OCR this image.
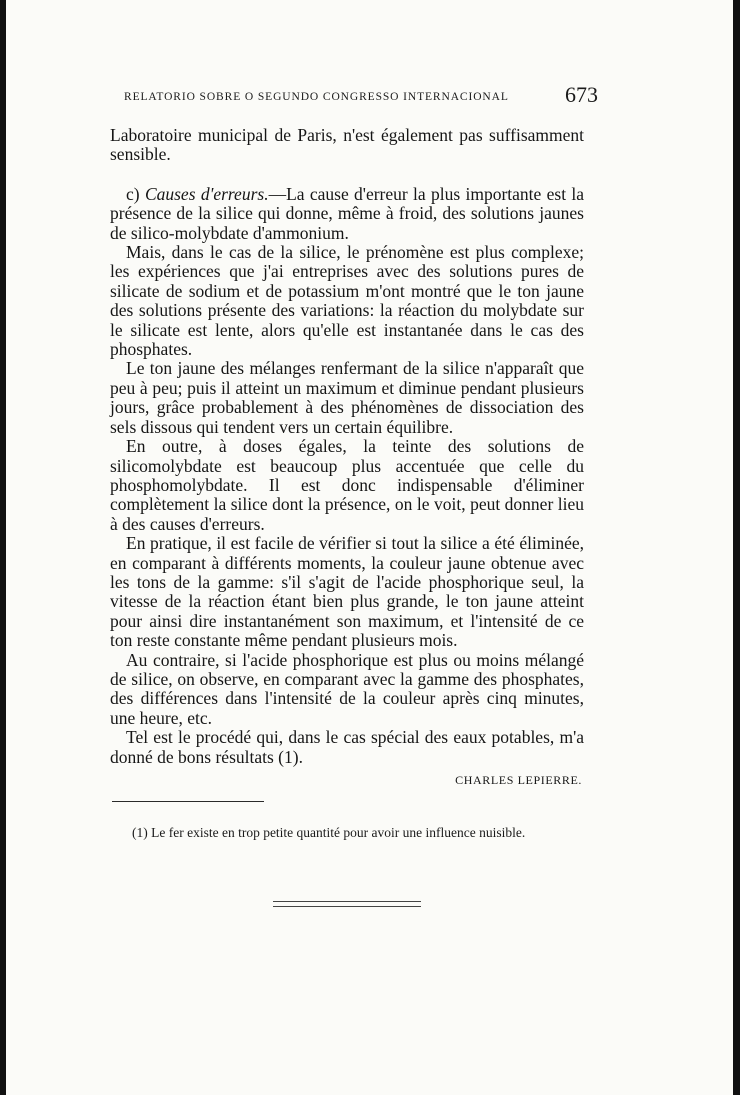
RELATORIO SOBRE O SEGUNDO CONGRESSO INTERNACIONAL	673

Laboratoire municipal de Paris, n'est également pas suffisamment sensible.

c) Causes d'erreurs.—La cause d'erreur la plus importante est la présence de la silice qui donne, même à froid, des solutions jaunes de silico-molybdate d'ammonium.

Mais, dans le cas de la silice, le prénomène est plus complexe; les expériences que j'ai entreprises avec des solutions pures de silicate de sodium et de potassium m'ont montré que le ton jaune des solutions présente des variations: la réaction du molybdate sur le silicate est lente, alors qu'elle est instantanée dans le cas des phosphates.

Le ton jaune des mélanges renfermant de la silice n'apparaît que peu à peu; puis il atteint un maximum et diminue pendant plusieurs jours, grâce probablement à des phénomènes de dissociation des sels dissous qui tendent vers un certain équilibre.

En outre, à doses égales, la teinte des solutions de silicomolybdate est beaucoup plus accentuée que celle du phosphomolybdate. Il est donc indispensable d'éliminer complètement la silice dont la présence, on le voit, peut donner lieu à des causes d'erreurs.

En pratique, il est facile de vérifier si tout la silice a été éliminée, en comparant à différents moments, la couleur jaune obtenue avec les tons de la gamme: s'il s'agit de l'acide phosphorique seul, la vitesse de la réaction étant bien plus grande, le ton jaune atteint pour ainsi dire instantanément son maximum, et l'intensité de ce ton reste constante même pendant plusieurs mois.

Au contraire, si l'acide phosphorique est plus ou moins mélangé de silice, on observe, en comparant avec la gamme des phosphates, des différences dans l'intensité de la couleur après cinq minutes, une heure, etc.

Tel est le procédé qui, dans le cas spécial des eaux potables, m'a donné de bons résultats (1).

CHARLES LEPIERRE.

(1) Le fer existe en trop petite quantité pour avoir une influence nuisible.
